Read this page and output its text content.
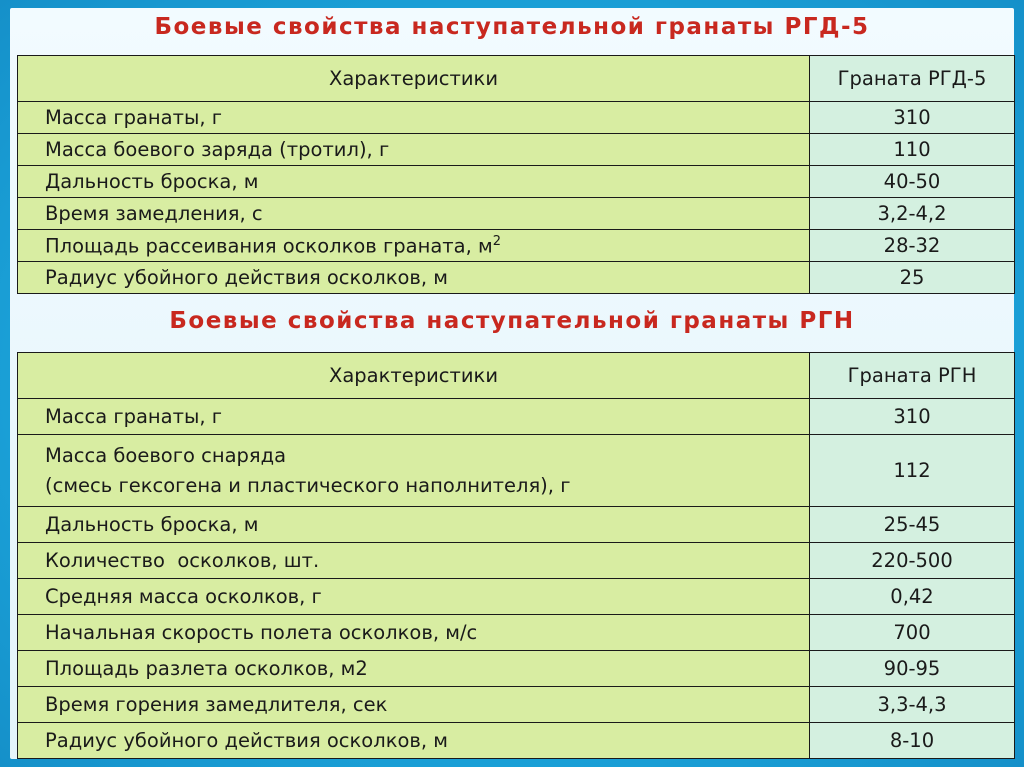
Боевые свойства наступательной гранаты РГД-5
Характеристики	Граната РГД-5
Масса гранаты, г	310
Масса боевого заряда (тротил), г	110
Дальность броска, м	40-50
Время замедления, с	3,2-4,2
Площадь рассеивания осколков граната, $м^2$	28-32
Радиус убойного действия осколков, м	25
Боевые свойства наступательной гранаты РГН
Характеристики	Граната РГН
Масса гранаты, г	310

Масса боевого снаряда
(смесь гексогена и пластического наполнителя), г	112
Дальность броска, м	25-45
Количество  осколков, шт.	220-500
Средняя масса осколков, г	0,42
Начальная скорость полета осколков, м/с	700
Площадь разлета осколков, м2	90-95
Время горения замедлителя, сек	3,3-4,3
Радиус убойного действия осколков, м	8-10
